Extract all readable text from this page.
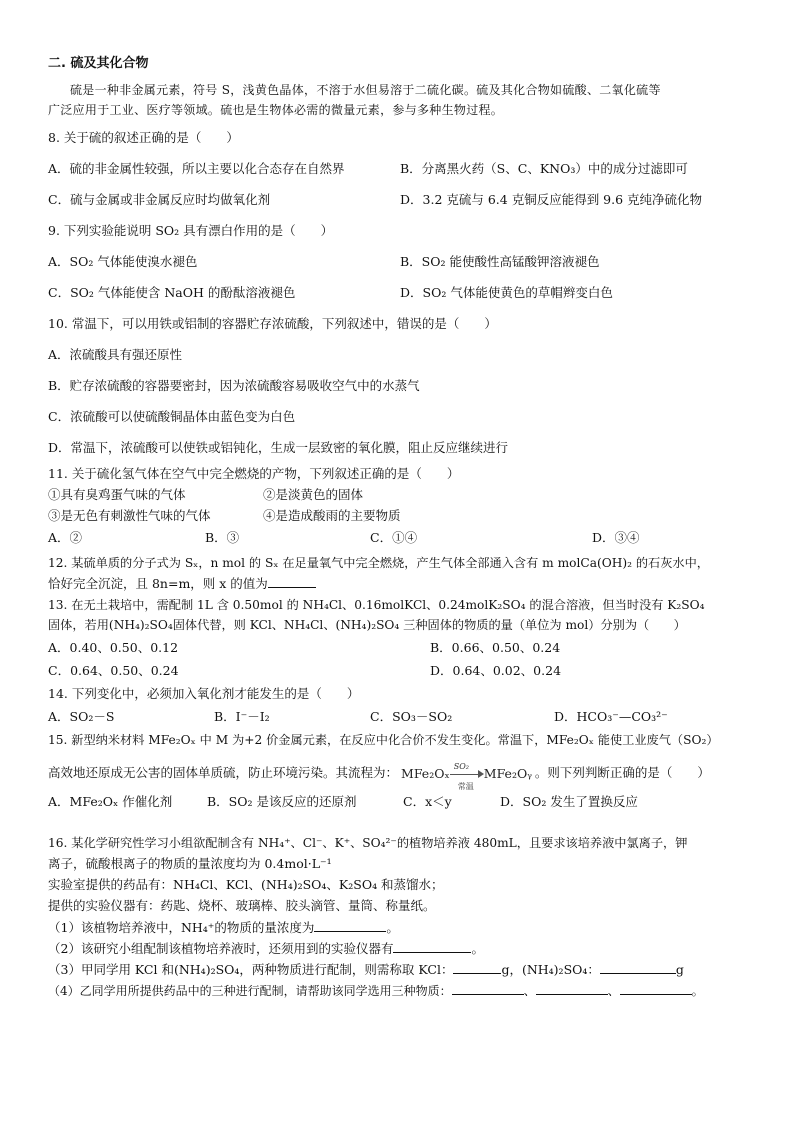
二. 硫及其化合物
硫是一种非金属元素，符号 S，浅黄色晶体，不溶于水但易溶于二硫化碳。硫及其化合物如硫酸、二氧化硫等
广泛应用于工业、医疗等领域。硫也是生物体必需的微量元素，参与多种生物过程。
8. 关于硫的叙述正确的是（　　）
A．硫的非金属性较强，所以主要以化合态存在自然界	B．分离黑火药（S、C、KNO₃）中的成分过滤即可
C．硫与金属或非金属反应时均做氧化剂	D．3.2 克硫与 6.4 克铜反应能得到 9.6 克纯净硫化物
9. 下列实验能说明 SO₂ 具有漂白作用的是（　　）
A．SO₂ 气体能使溴水褪色	B．SO₂ 能使酸性高锰酸钾溶液褪色
C．SO₂ 气体能使含 NaOH 的酚酞溶液褪色	D．SO₂ 气体能使黄色的草帽辫变白色
10. 常温下，可以用铁或铝制的容器贮存浓硫酸，下列叙述中，错误的是（　　）
A．浓硫酸具有强还原性
B．贮存浓硫酸的容器要密封，因为浓硫酸容易吸收空气中的水蒸气
C．浓硫酸可以使硫酸铜晶体由蓝色变为白色
D．常温下，浓硫酸可以使铁或铝钝化，生成一层致密的氧化膜，阻止反应继续进行
11. 关于硫化氢气体在空气中完全燃烧的产物，下列叙述正确的是（　　）
①具有臭鸡蛋气味的气体	②是淡黄色的固体
③是无色有刺激性气味的气体	④是造成酸雨的主要物质
A．②	B．③	C．①④	D．③④
12. 某硫单质的分子式为 Sₓ，n mol 的 Sₓ 在足量氧气中完全燃烧，产生气体全部通入含有 m molCa(OH)₂ 的石灰水中，
恰好完全沉淀，且 8n=m，则 x 的值为
13. 在无土栽培中，需配制 1L 含 0.50mol 的 NH₄Cl、0.16molKCl、0.24molK₂SO₄ 的混合溶液，但当时没有 K₂SO₄
固体，若用(NH₄)₂SO₄固体代替，则 KCl、NH₄Cl、(NH₄)₂SO₄ 三种固体的物质的量（单位为 mol）分别为（　　）
A．0.40、0.50、0.12	B．0.66、0.50、0.24
C．0.64、0.50、0.24	D．0.64、0.02、0.24
14. 下列变化中，必须加入氧化剂才能发生的是（　　）
A．SO₂－S	B．I⁻－I₂	C．SO₃－SO₂	D．HCO₃⁻—CO₃²⁻
15. 新型纳米材料 MFe₂Oₓ 中 M 为+2 价金属元素，在反应中化合价不发生变化。常温下，MFe₂Oₓ 能使工业废气（SO₂）
高效地还原成无公害的固体单质硫，防止环境污染。其流程为： MFe₂Oₓ SO₂
常温
MFe₂Oᵧ 。则下列判断正确的是（　　）
A．MFe₂Oₓ 作催化剂	B．SO₂ 是该反应的还原剂	C．x＜y	D．SO₂ 发生了置换反应
16. 某化学研究性学习小组欲配制含有 NH₄⁺、Cl⁻、K⁺、SO₄²⁻的植物培养液 480mL，且要求该培养液中氯离子，钾
离子，硫酸根离子的物质的量浓度均为 0.4mol·L⁻¹
实验室提供的药品有：NH₄Cl、KCl、(NH₄)₂SO₄、K₂SO₄ 和蒸馏水；
提供的实验仪器有：药匙、烧杯、玻璃棒、胶头滴管、量筒、称量纸。
（1）该植物培养液中，NH₄⁺的物质的量浓度为	。
（2）该研究小组配制该植物培养液时，还须用到的实验仪器有	。
（3）甲同学用 KCl 和(NH₄)₂SO₄，两种物质进行配制，则需称取 KCl：	g，(NH₄)₂SO₄：	g
（4）乙同学用所提供药品中的三种进行配制，请帮助该同学选用三种物质：	、	、	。
